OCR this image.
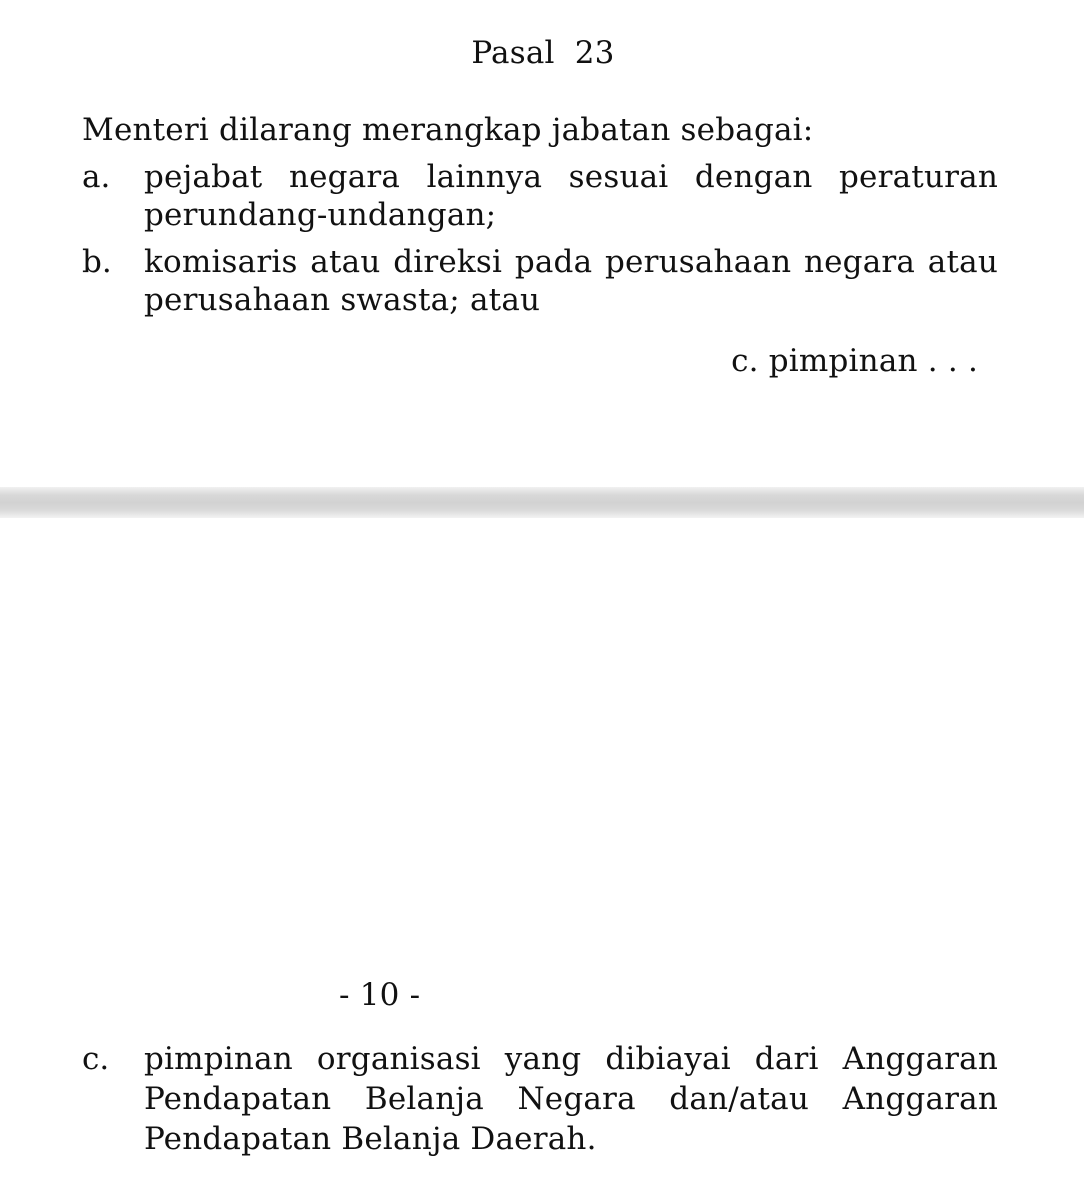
Pasal  23
Menteri dilarang merangkap jabatan sebagai:
a. pejabat negara lainnya sesuai dengan peraturan
perundang-undangan;
b. komisaris atau direksi pada perusahaan negara atau
perusahaan swasta; atau
c. pimpinan . . .
- 10 -
c. pimpinan organisasi yang dibiayai dari Anggaran
Pendapatan Belanja Negara dan/atau Anggaran
Pendapatan Belanja Daerah.
